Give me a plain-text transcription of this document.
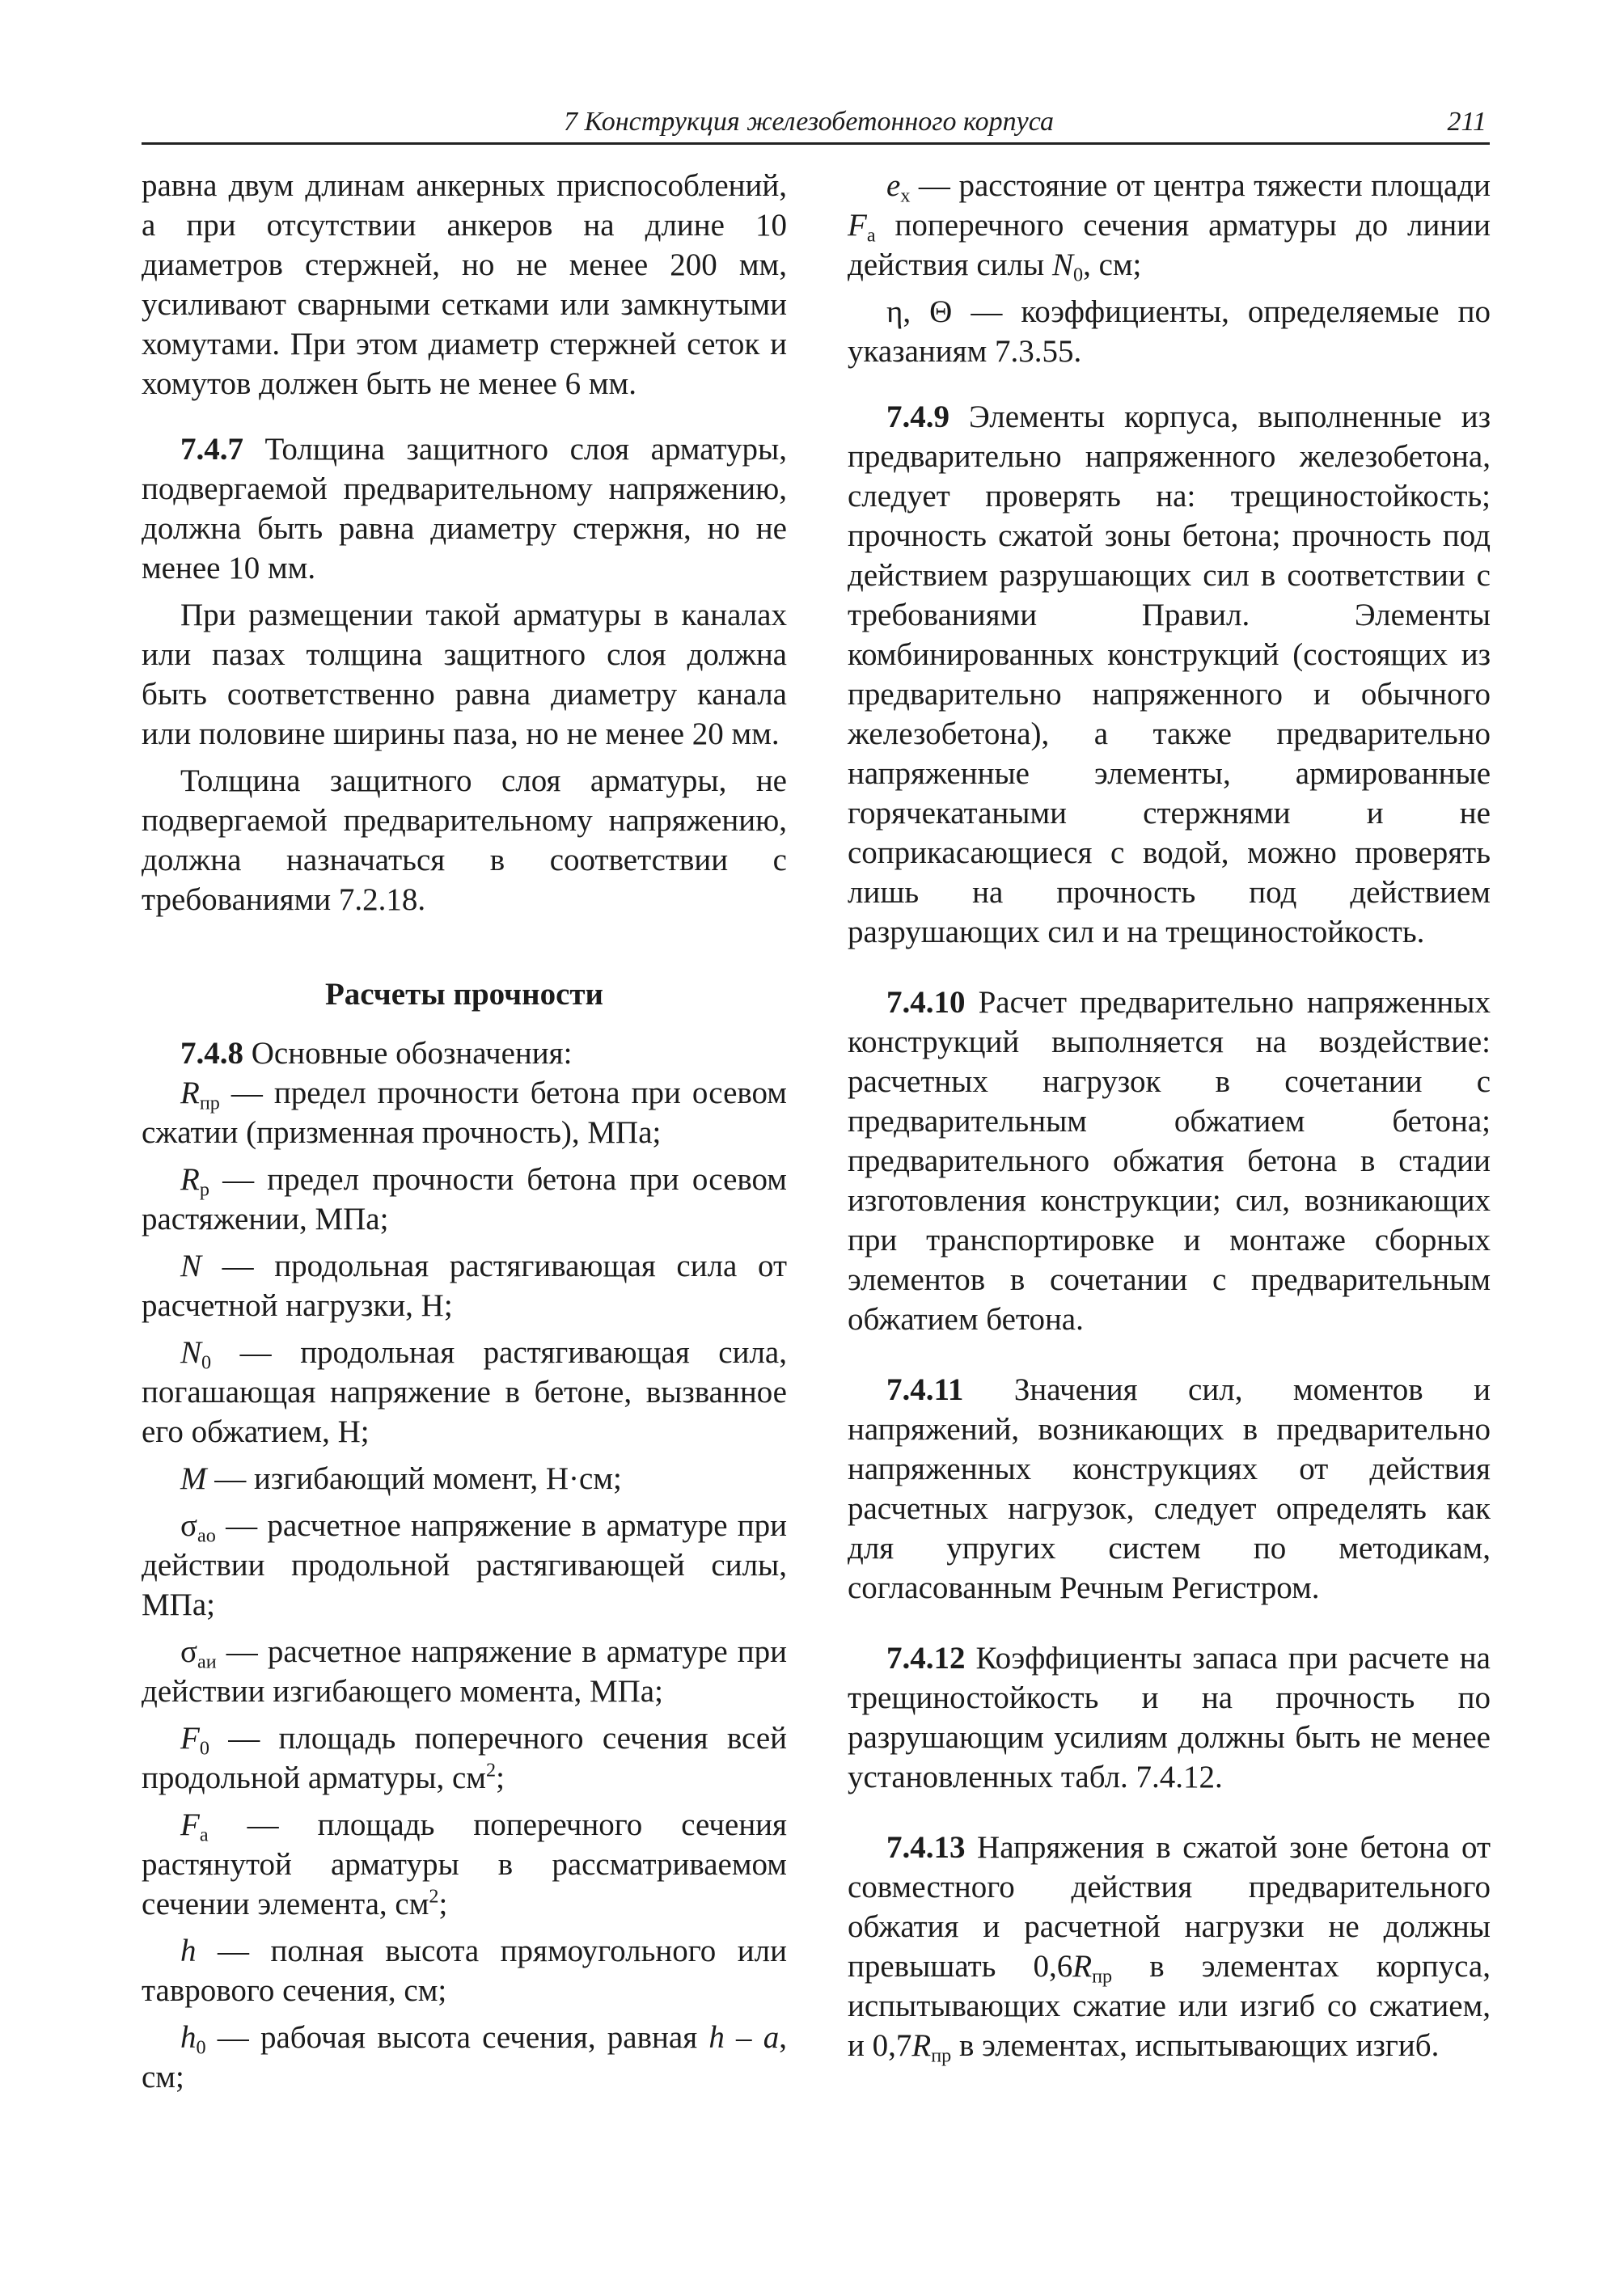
7 Конструкция железобетонного корпуса	211

равна двум длинам анкерных приспособлений, а при отсутствии анкеров на длине 10 диаметров стержней, но не менее 200 мм, усиливают сварными сетками или замкнутыми хомутами. При этом диаметр стержней сеток и хомутов должен быть не менее 6 мм.

7.4.7 Толщина защитного слоя арматуры, подвергаемой предварительному напряжению, должна быть равна диаметру стержня, но не менее 10 мм.

При размещении такой арматуры в каналах или пазах толщина защитного слоя должна быть соответственно равна диаметру канала или половине ширины паза, но не менее 20 мм.

Толщина защитного слоя арматуры, не подвергаемой предварительному напряжению, должна назначаться в соответствии с требованиями 7.2.18.

Расчеты прочности

7.4.8 Основные обозначения:

$R_{пр}$ — предел прочности бетона при осевом сжатии (призменная прочность), МПа;

$R_р$ — предел прочности бетона при осевом растяжении, МПа;

N — продольная растягивающая сила от расчетной нагрузки, Н;

$N_0$ — продольная растягивающая сила, погашающая напряжение в бетоне, вызванное его обжатием, Н;

M — изгибающий момент, Н·см;

$\sigma_{ао}$ — расчетное напряжение в арматуре при действии продольной растягивающей силы, МПа;

$\sigma_{аи}$ — расчетное напряжение в арматуре при действии изгибающего момента, МПа;

$F_0$ — площадь поперечного сечения всей продольной арматуры, $см^2$;

$F_а$ — площадь поперечного сечения растянутой арматуры в рассматриваемом сечении элемента, $см^2$;

h — полная высота прямоугольного или таврового сечения, см;

$h_0$ — рабочая высота сечения, равная h – a, см;

$e_x$ — расстояние от центра тяжести площади $F_а$ поперечного сечения арматуры до линии действия силы $N_0$, см;

η, Θ — коэффициенты, определяемые по указаниям 7.3.55.

7.4.9 Элементы корпуса, выполненные из предварительно напряженного железобетона, следует проверять на: трещиностойкость; прочность сжатой зоны бетона; прочность под действием разрушающих сил в соответствии с требованиями Правил. Элементы комбинированных конструкций (состоящих из предварительно напряженного и обычного железобетона), а также предварительно напряженные элементы, армированные горячекатаными стержнями и не соприкасающиеся с водой, можно проверять лишь на прочность под действием разрушающих сил и на трещиностойкость.

7.4.10 Расчет предварительно напряженных конструкций выполняется на воздействие: расчетных нагрузок в сочетании с предварительным обжатием бетона; предварительного обжатия бетона в стадии изготовления конструкции; сил, возникающих при транспортировке и монтаже сборных элементов в сочетании с предварительным обжатием бетона.

7.4.11 Значения сил, моментов и напряжений, возникающих в предварительно напряженных конструкциях от действия расчетных нагрузок, следует определять как для упругих систем по методикам, согласованным Речным Регистром.

7.4.12 Коэффициенты запаса при расчете на трещиностойкость и на прочность по разрушающим усилиям должны быть не менее установленных табл. 7.4.12.

7.4.13 Напряжения в сжатой зоне бетона от совместного действия предварительного обжатия и расчетной нагрузки не должны превышать $0,6R_{пр}$ в элементах корпуса, испытывающих сжатие или изгиб со сжатием, и $0,7R_{пр}$ в элементах, испытывающих изгиб.
